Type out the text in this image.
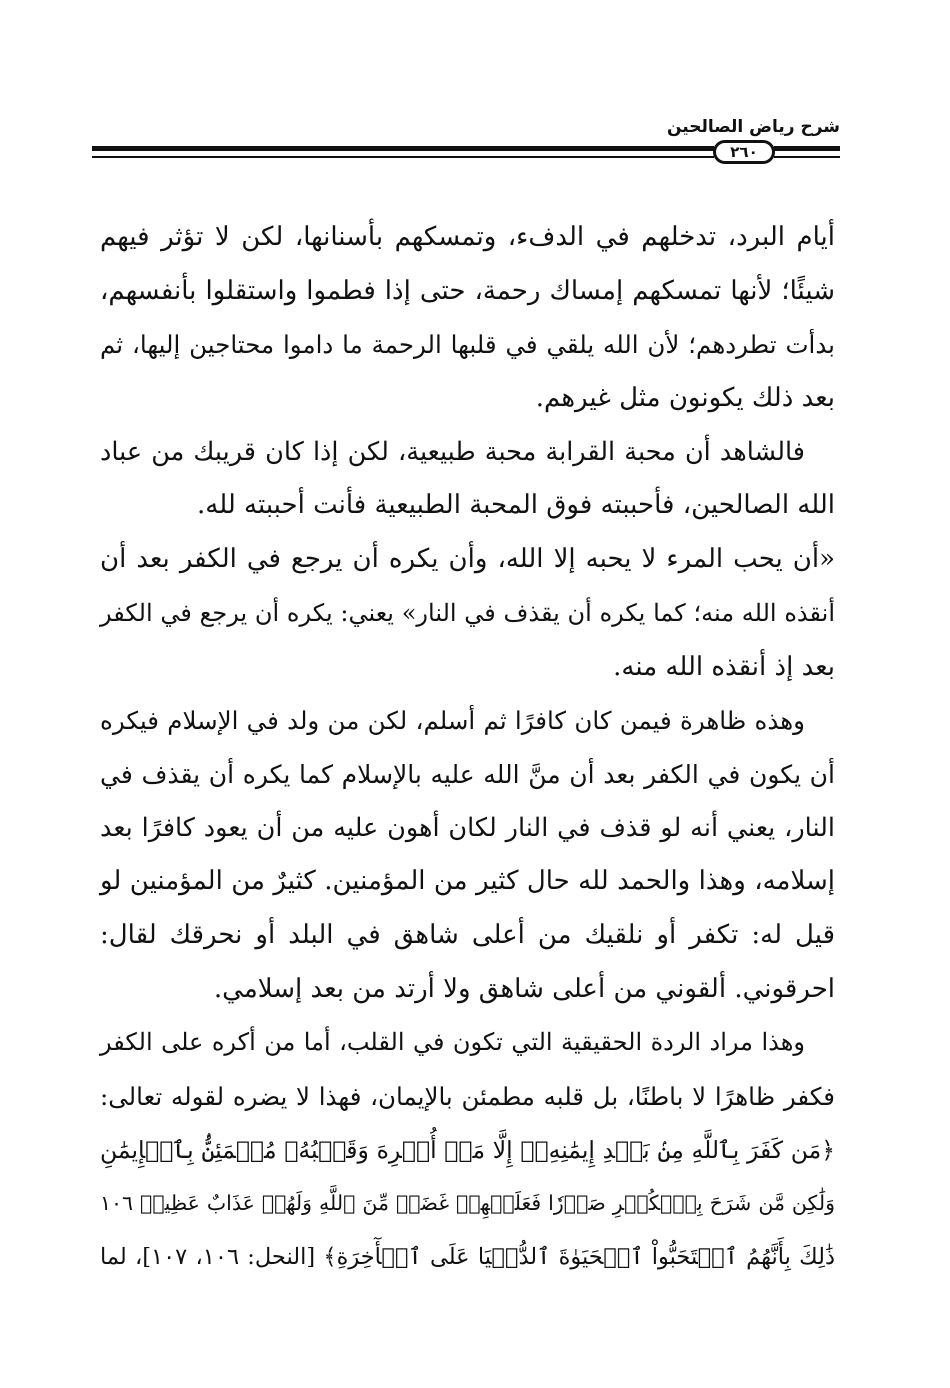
شرح رياض الصالحين
٢٦٠
أيام البرد، تدخلهم في الدفء، وتمسكهم بأسنانها، لكن لا تؤثر فيهم
شيئًا؛ لأنها تمسكهم إمساك رحمة، حتى إذا فطموا واستقلوا بأنفسهم،
بدأت تطردهم؛ لأن الله يلقي في قلبها الرحمة ما داموا محتاجين إليها، ثم
بعد ذلك يكونون مثل غيرهم.
فالشاهد أن محبة القرابة محبة طبيعية، لكن إذا كان قريبك من عباد
الله الصالحين، فأحببته فوق المحبة الطبيعية فأنت أحببته لله.
«أن يحب المرء لا يحبه إلا الله، وأن يكره أن يرجع في الكفر بعد أن
أنقذه الله منه؛ كما يكره أن يقذف في النار» يعني: يكره أن يرجع في الكفر
بعد إذ أنقذه الله منه.
وهذه ظاهرة فيمن كان كافرًا ثم أسلم، لكن من ولد في الإسلام فيكره
أن يكون في الكفر بعد أن منَّ الله عليه بالإسلام كما يكره أن يقذف في
النار، يعني أنه لو قذف في النار لكان أهون عليه من أن يعود كافرًا بعد
إسلامه، وهذا والحمد لله حال كثير من المؤمنين. كثيرٌ من المؤمنين لو
قيل له: تكفر أو نلقيك من أعلى شاهق في البلد أو نحرقك لقال:
احرقوني. ألقوني من أعلى شاهق ولا أرتد من بعد إسلامي.
وهذا مراد الردة الحقيقية التي تكون في القلب، أما من أكره على الكفر
فكفر ظاهرًا لا باطنًا، بل قلبه مطمئن بالإيمان، فهذا لا يضره لقوله تعالى:
﴿مَن كَفَرَ بِٱللَّهِ مِنۢ بَعۡدِ إِيمَٰنِهِۦٓ إِلَّا مَنۡ أُكۡرِهَ وَقَلۡبُهُۥ مُطۡمَئِنُّۢ بِٱلۡإِيمَٰنِ
وَلَٰكِن مَّن شَرَحَ بِٱلۡكُفۡرِ صَدۡرٗا فَعَلَيۡهِمۡ غَضَبٞ مِّنَ ٱللَّهِ وَلَهُمۡ عَذَابٌ عَظِيمٞ ١٠٦
ذَٰلِكَ بِأَنَّهُمُ ٱسۡتَحَبُّواْ ٱلۡحَيَوٰةَ ٱلدُّنۡيَا عَلَى ٱلۡأٓخِرَةِ﴾ [النحل: ١٠٦، ١٠٧]، لما
